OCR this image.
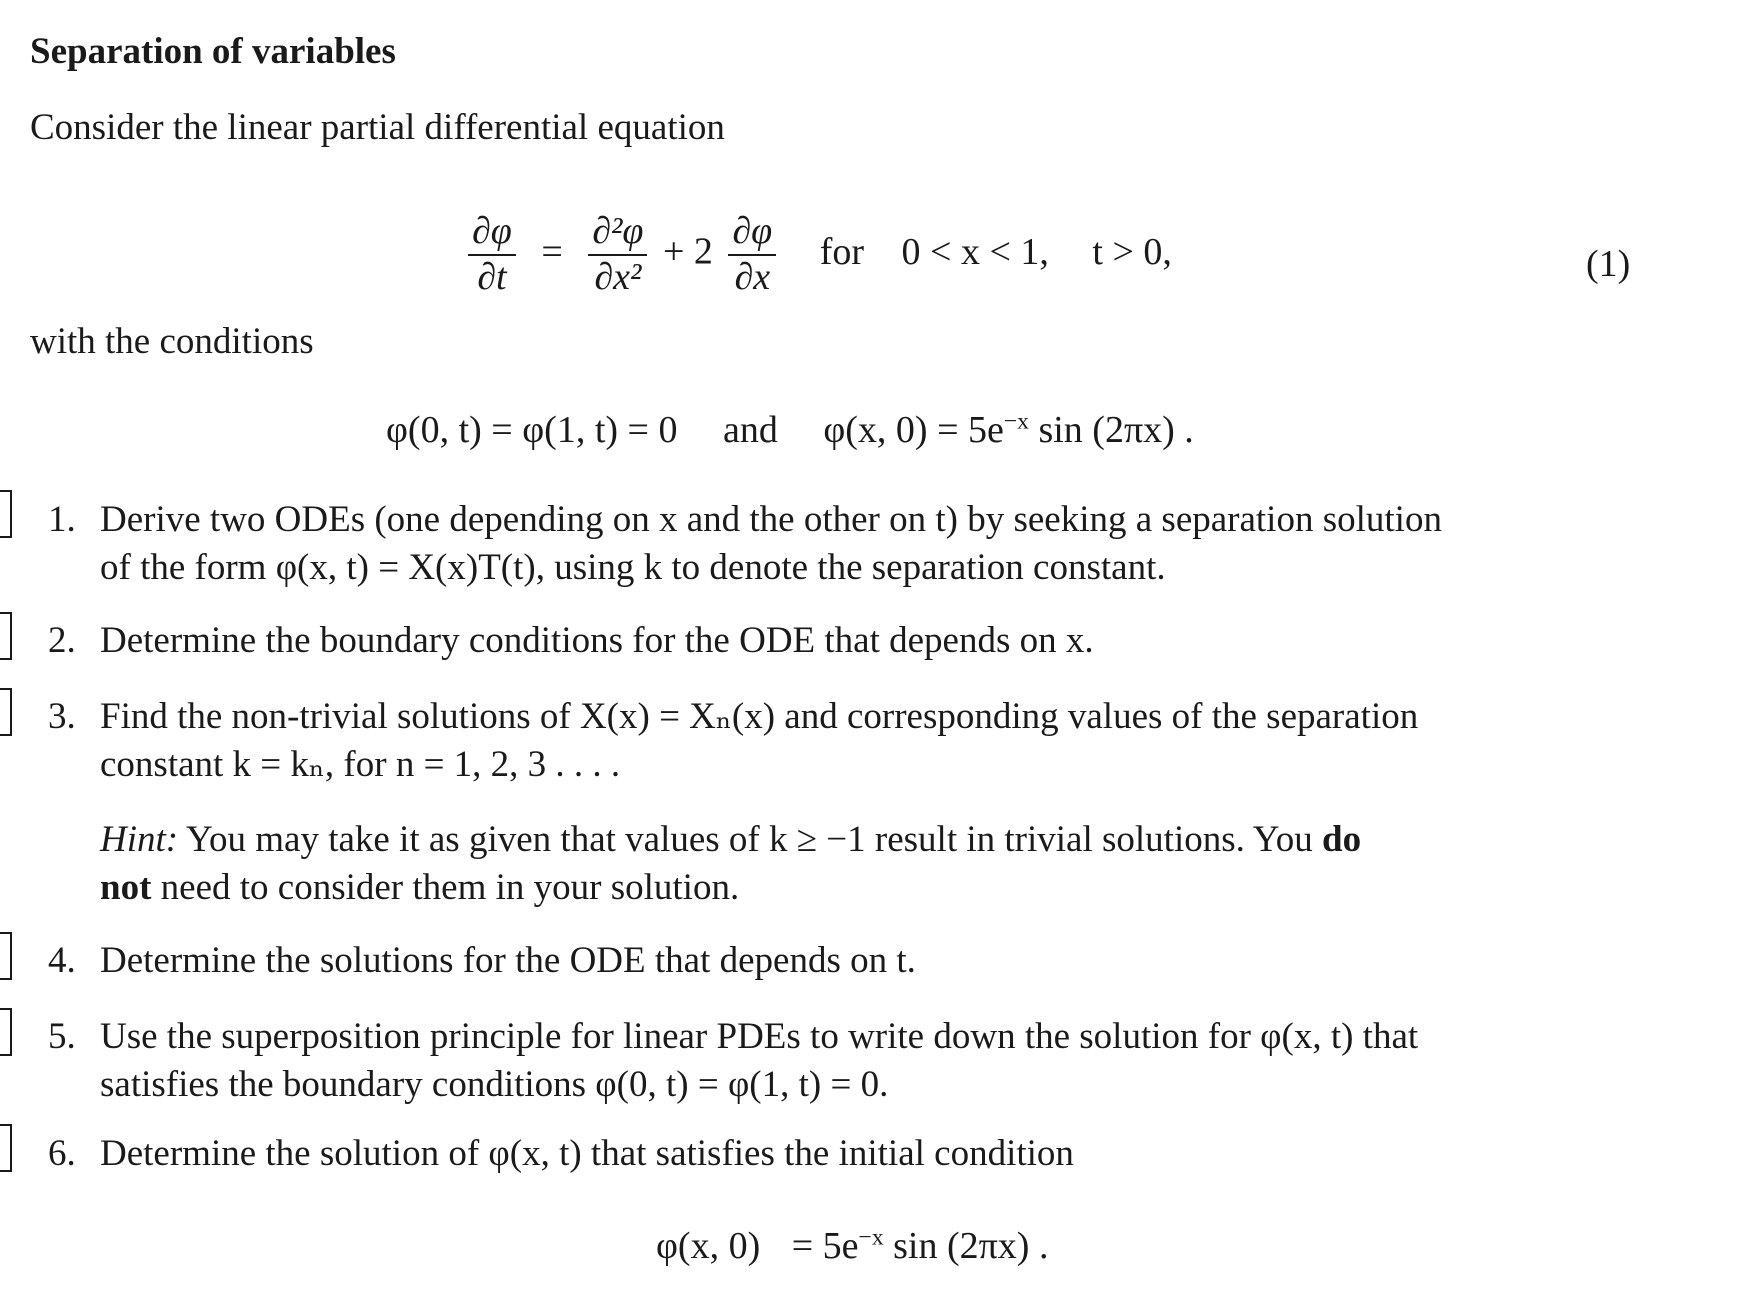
Separation of variables
Consider the linear partial differential equation
$\frac{\partial\varphi}{\partial t} = \frac{\text{∂²φ}}{\text{∂x²}} + 2 \frac{\partial\varphi}{\partial x}$ for 0 < x < 1, t > 0,	(1)
with the conditions
φ(0, t) = φ(1, t) = 0 and φ(x, $0) = 5e^{-x}$ sin (2πx) .
1. Derive two ODEs (one depending on x and the other on t) by seeking a separation solution
of the form φ(x, t) = X(x)T(t), using k to denote the separation constant.
2. Determine the boundary conditions for the ODE that depends on x.
3. Find the non-trivial solutions of X(x) = Xₙ(x) and corresponding values of the separation
constant k = kₙ, for n = 1, 2, 3 . . . .
Hint: You may take it as given that values of k ≥ −1 result in trivial solutions. You do
not need to consider them in your solution.
4. Determine the solutions for the ODE that depends on t.
5. Use the superposition principle for linear PDEs to write down the solution for φ(x, t) that
satisfies the boundary conditions φ(0, t) = φ(1, t) = 0.
6. Determine the solution of φ(x, t) that satisfies the initial condition
φ(x, $0) = 5e^{-x}$ sin (2πx) .
